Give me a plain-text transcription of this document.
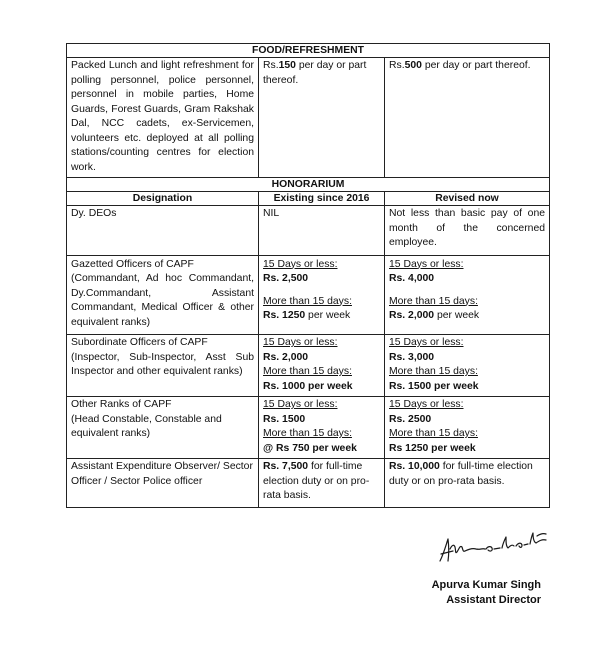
FOOD/REFRESHMENT		
Packed Lunch and light refreshment for polling personnel, police personnel, personnel in mobile parties, Home Guards, Forest Guards, Gram Rakshak Dal, NCC cadets, ex-Servicemen, volunteers etc. deployed at all polling stations/counting centres for election work.	Rs.150 per day or part thereof.	Rs.500 per day or part thereof.
HONORARIUM		
Designation	Existing since 2016	Revised now
Dy. DEOs	NIL	Not less than basic pay of one month of the concerned employee.

Gazetted Officers of CAPF
(Commandant, Ad hoc Commandant, Dy.Commandant, Assistant Commandant, Medical Officer & other equivalent ranks)	15 Days or less:
Rs. 2,500
More than 15 days:
Rs. 1250 per week	15 Days or less:
Rs. 4,000
More than 15 days:
Rs. 2,000 per week

Subordinate Officers of CAPF
(Inspector, Sub-Inspector, Asst Sub Inspector and other equivalent ranks)	15 Days or less:
Rs. 2,000
More than 15 days:
Rs. 1000 per week	15 Days or less:
Rs. 3,000
More than 15 days:
Rs. 1500 per week

Other Ranks of CAPF
(Head Constable, Constable and equivalent ranks)	15 Days or less:
Rs. 1500
More than 15 days:
@ Rs 750 per week	15 Days or less:
Rs. 2500
More than 15 days:
Rs 1250 per week

Assistant Expenditure Observer/ Sector Officer / Sector Police officer	Rs. 7,500 for full-time election duty or on pro-rata basis.	Rs. 10,000 for full-time election duty or on pro-rata basis.
Apurva Kumar Singh
Assistant Director
